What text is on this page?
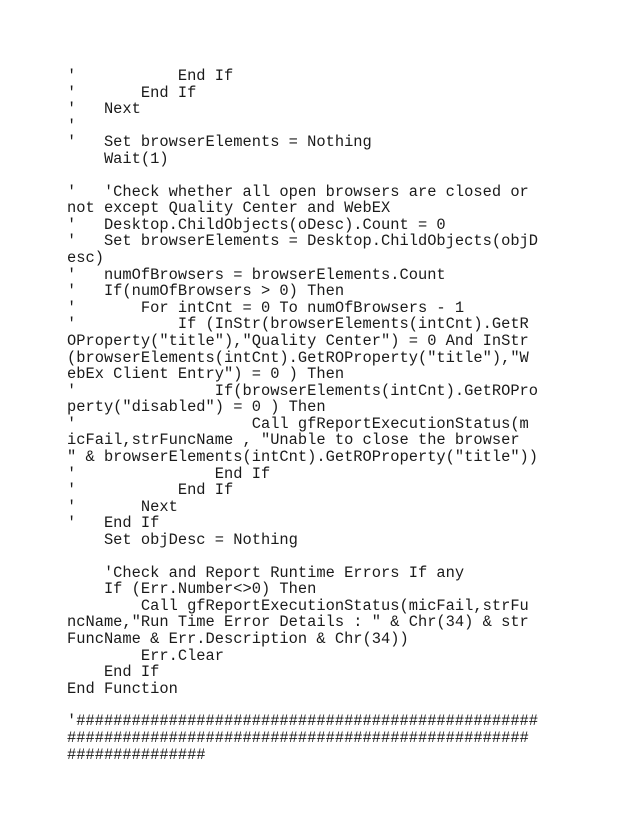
'           End If
'       End If
'   Next
'
'   Set browserElements = Nothing
Wait(1)
'   'Check whether all open browsers are closed or
not except Quality Center and WebEX
'   Desktop.ChildObjects(oDesc).Count = 0
'   Set browserElements = Desktop.ChildObjects(objD
esc)
'   numOfBrowsers = browserElements.Count
'   If(numOfBrowsers > 0) Then
'       For intCnt = 0 To numOfBrowsers - 1
'           If (InStr(browserElements(intCnt).GetR
OProperty("title"),"Quality Center") = 0 And InStr
(browserElements(intCnt).GetROProperty("title"),"W
ebEx Client Entry") = 0 ) Then
'               If(browserElements(intCnt).GetROPro
perty("disabled") = 0 ) Then
'                   Call gfReportExecutionStatus(m
icFail,strFuncName , "Unable to close the browser
" & browserElements(intCnt).GetROProperty("title"))
'               End If
'           End If
'       Next
'   End If
Set objDesc = Nothing
'Check and Report Runtime Errors If any
If (Err.Number<>0) Then
Call gfReportExecutionStatus(micFail,strFu
ncName,"Run Time Error Details : " & Chr(34) & str
FuncName & Err.Description & Chr(34))
Err.Clear
End If
End Function
'##################################################
##################################################
###############
